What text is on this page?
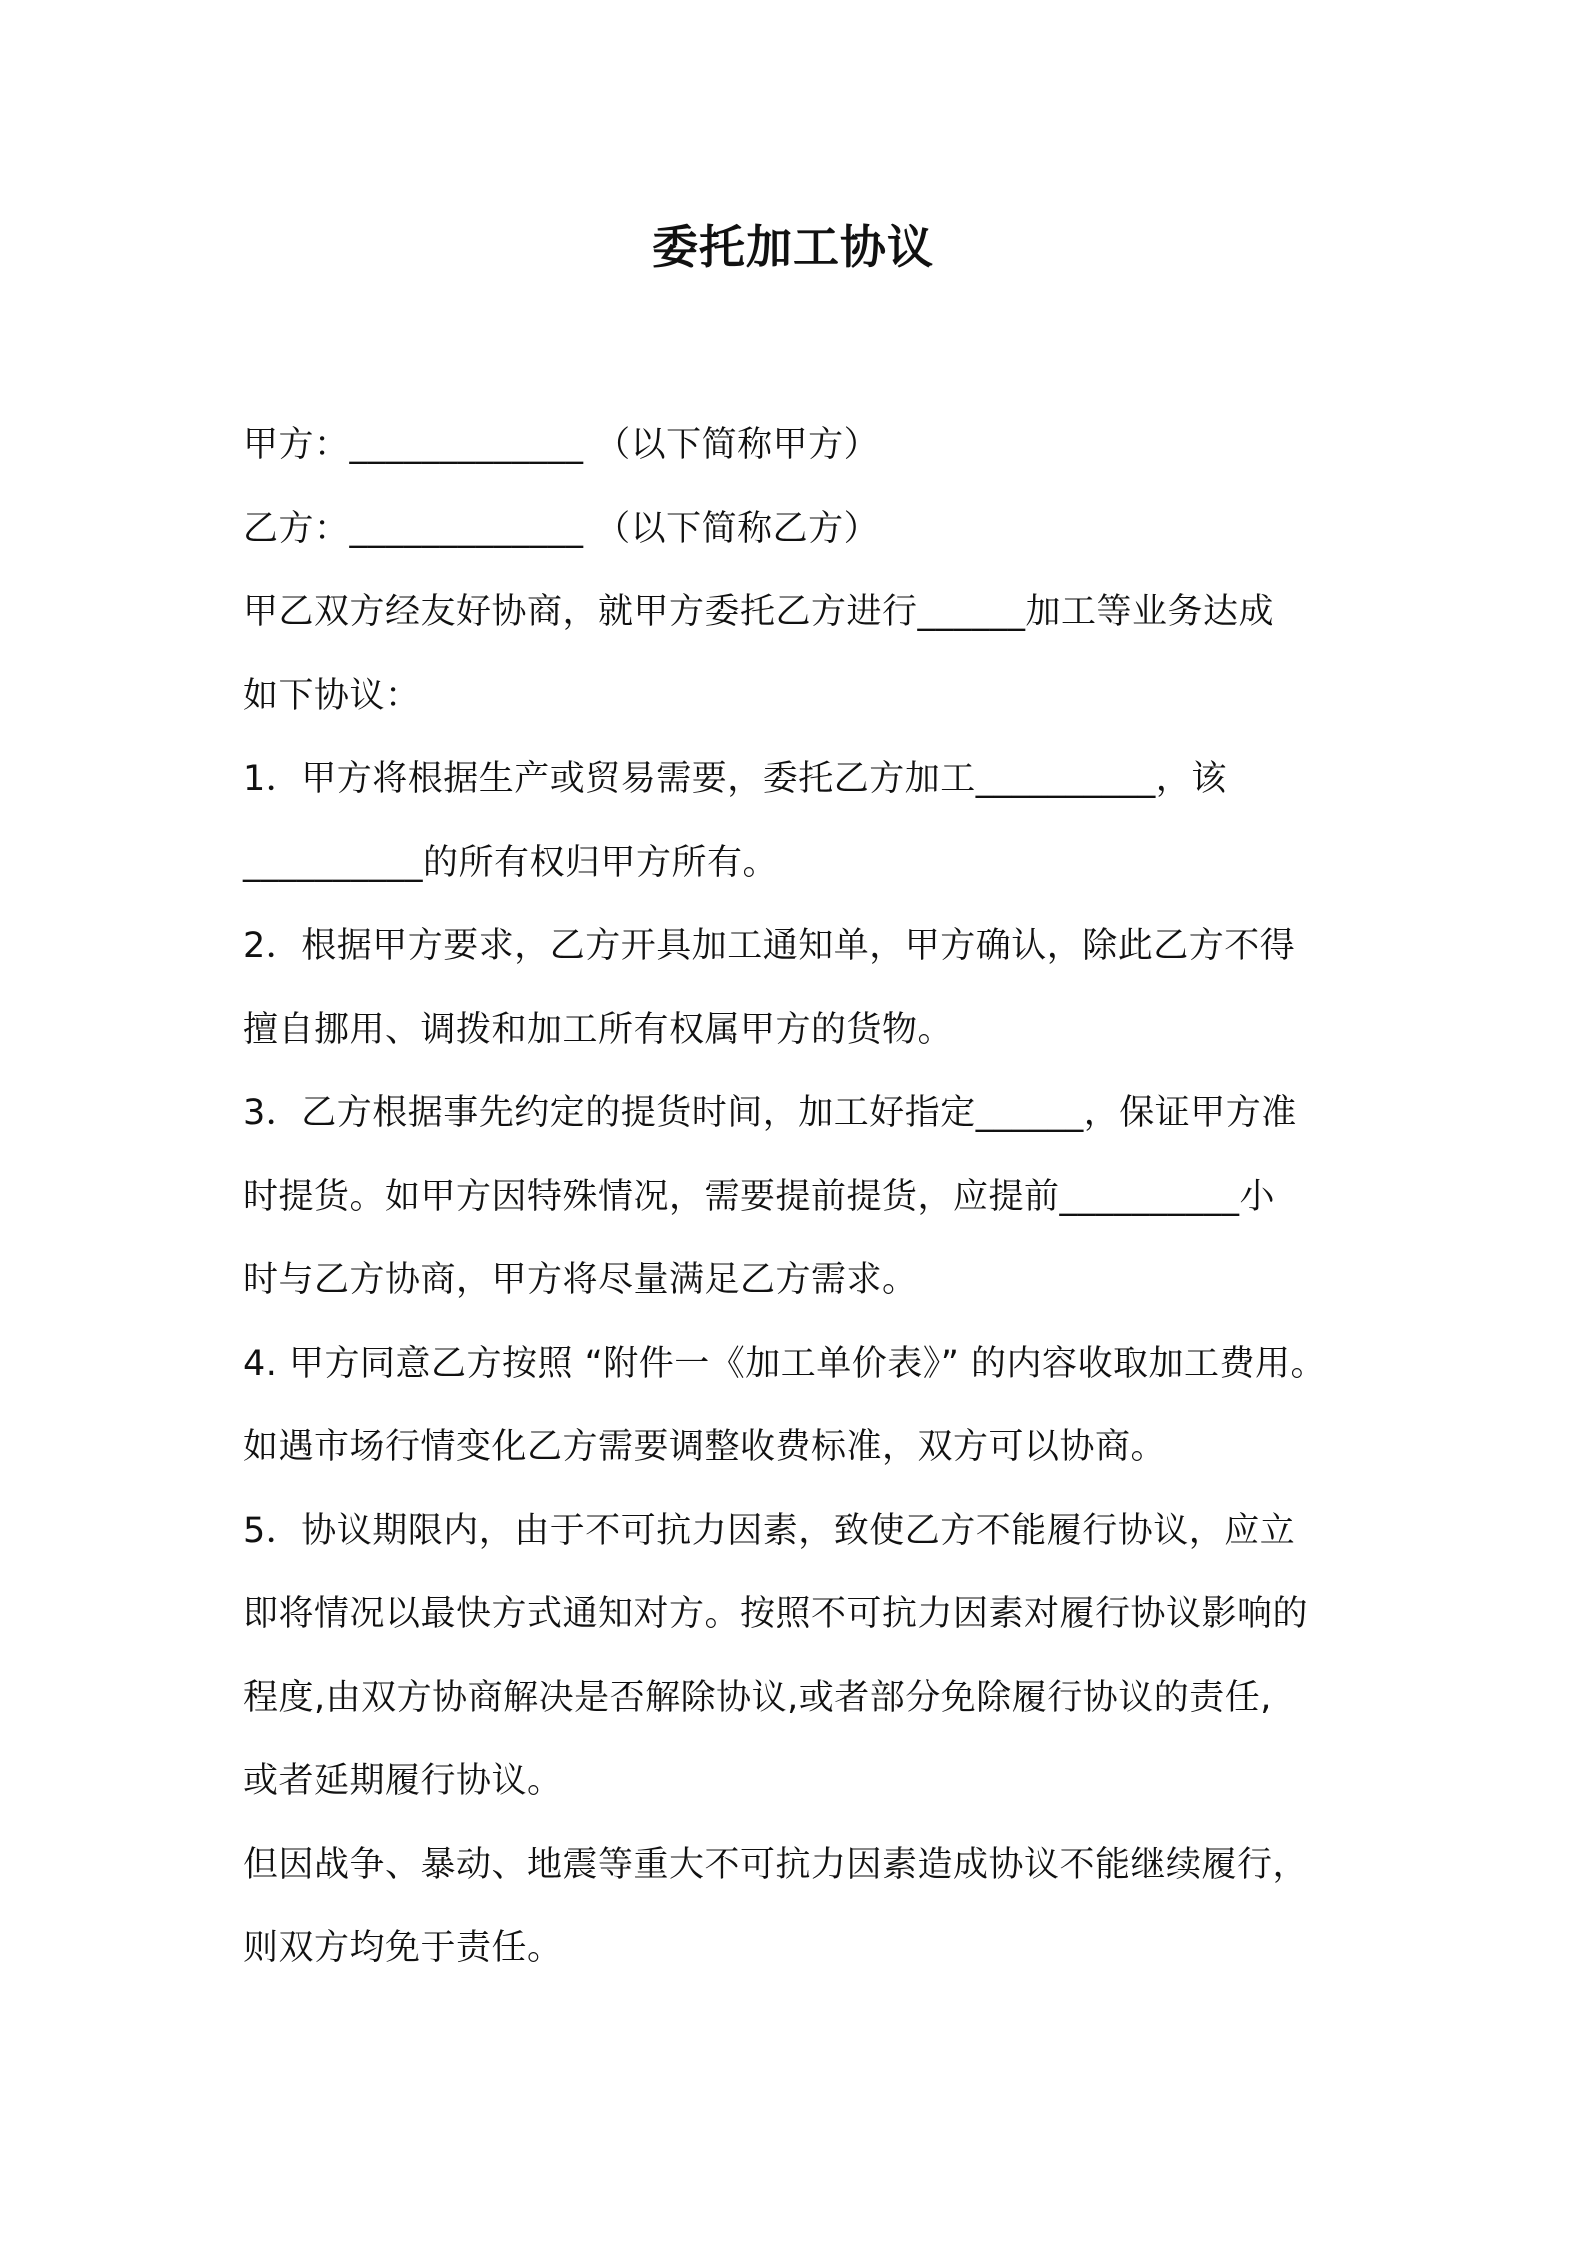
委托加工协议
甲方：_____________ （以下简称甲方）
乙方：_____________ （以下简称乙方）
甲乙双方经友好协商，就甲方委托乙方进行______加工等业务达成
如下协议：
1．甲方将根据生产或贸易需要，委托乙方加工__________，该
__________的所有权归甲方所有。
2．根据甲方要求，乙方开具加工通知单，甲方确认，除此乙方不得
擅自挪用、调拨和加工所有权属甲方的货物。
3．乙方根据事先约定的提货时间，加工好指定______，保证甲方准
时提货。如甲方因特殊情况，需要提前提货，应提前__________小
时与乙方协商，甲方将尽量满足乙方需求。
4. 甲方同意乙方按照 “附件一《加工单价表》” 的内容收取加工费用。
如遇市场行情变化乙方需要调整收费标准，双方可以协商。
5．协议期限内，由于不可抗力因素，致使乙方不能履行协议，应立
即将情况以最快方式通知对方。按照不可抗力因素对履行协议影响的
程度,由双方协商解决是否解除协议,或者部分免除履行协议的责任,
或者延期履行协议。
但因战争、暴动、地震等重大不可抗力因素造成协议不能继续履行，
则双方均免于责任。
